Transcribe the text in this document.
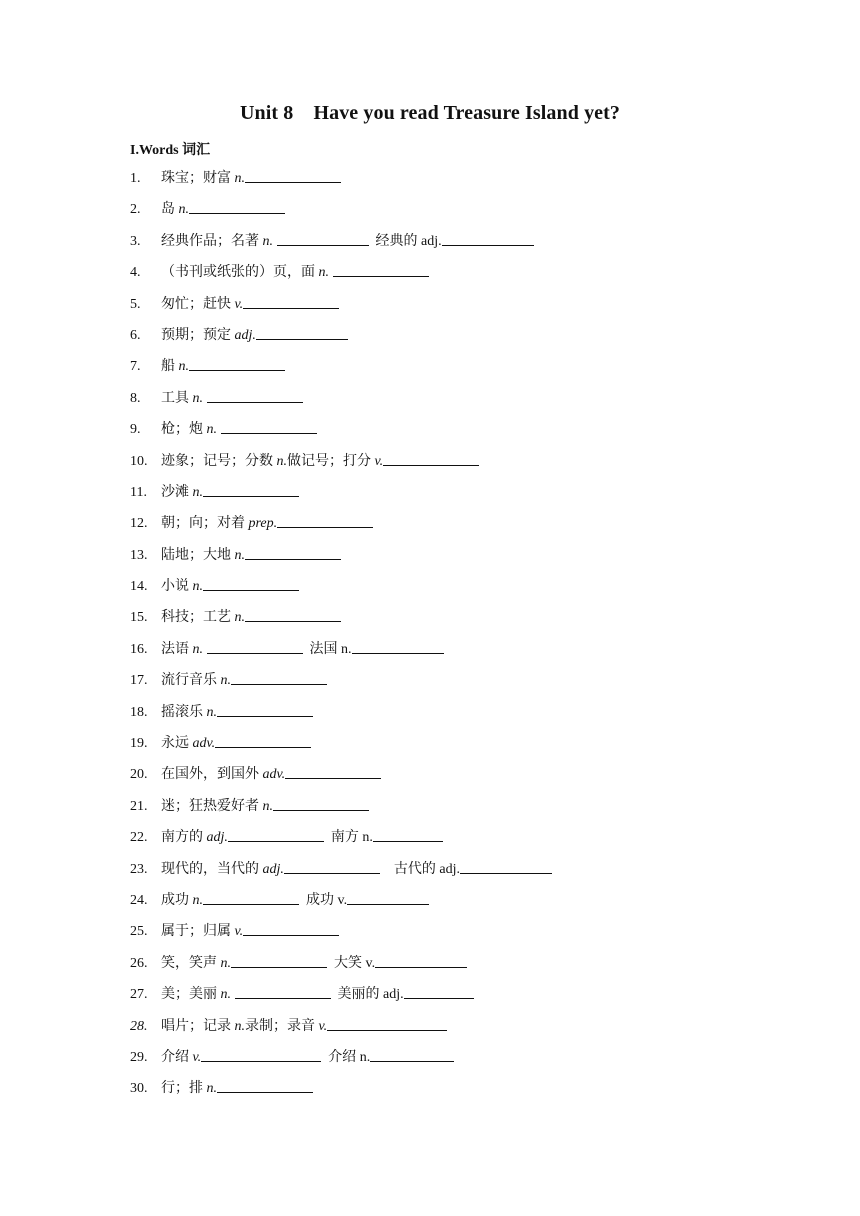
Unit 8 Have you read Treasure Island yet?
I.Words 词汇
1.	珠宝；财富 n.
2.	岛 n.
3.	经典作品；名著 n.	经典的 adj.
4.	（书刊或纸张的）页，面 n.
5.	匆忙；赶快 v.
6.	预期；预定 adj.
7.	船 n.
8.	工具 n.
9.	枪；炮 n.
10. 迹象；记号；分数 n.做记号；打分 v.
11.	沙滩 n.
12. 朝；向；对着 prep.
13. 陆地；大地 n.
14. 小说 n.
15. 科技；工艺 n.
16. 法语 n.	法国 n.
17. 流行音乐 n.
18. 摇滚乐 n.
19. 永远 adv.
20. 在国外，到国外 adv.
21. 迷；狂热爱好者 n.
22. 南方的 adj.	南方 n.
23. 现代的，当代的 adj.	 古代的 adj.
24. 成功 n.	成功 v.
25. 属于；归属 v.
26. 笑，笑声 n.	大笑 v.
27. 美；美丽 n.	美丽的 adj.
28. 唱片；记录 n.录制；录音 v.
29. 介绍 v.	介绍 n.
30. 行；排 n.
